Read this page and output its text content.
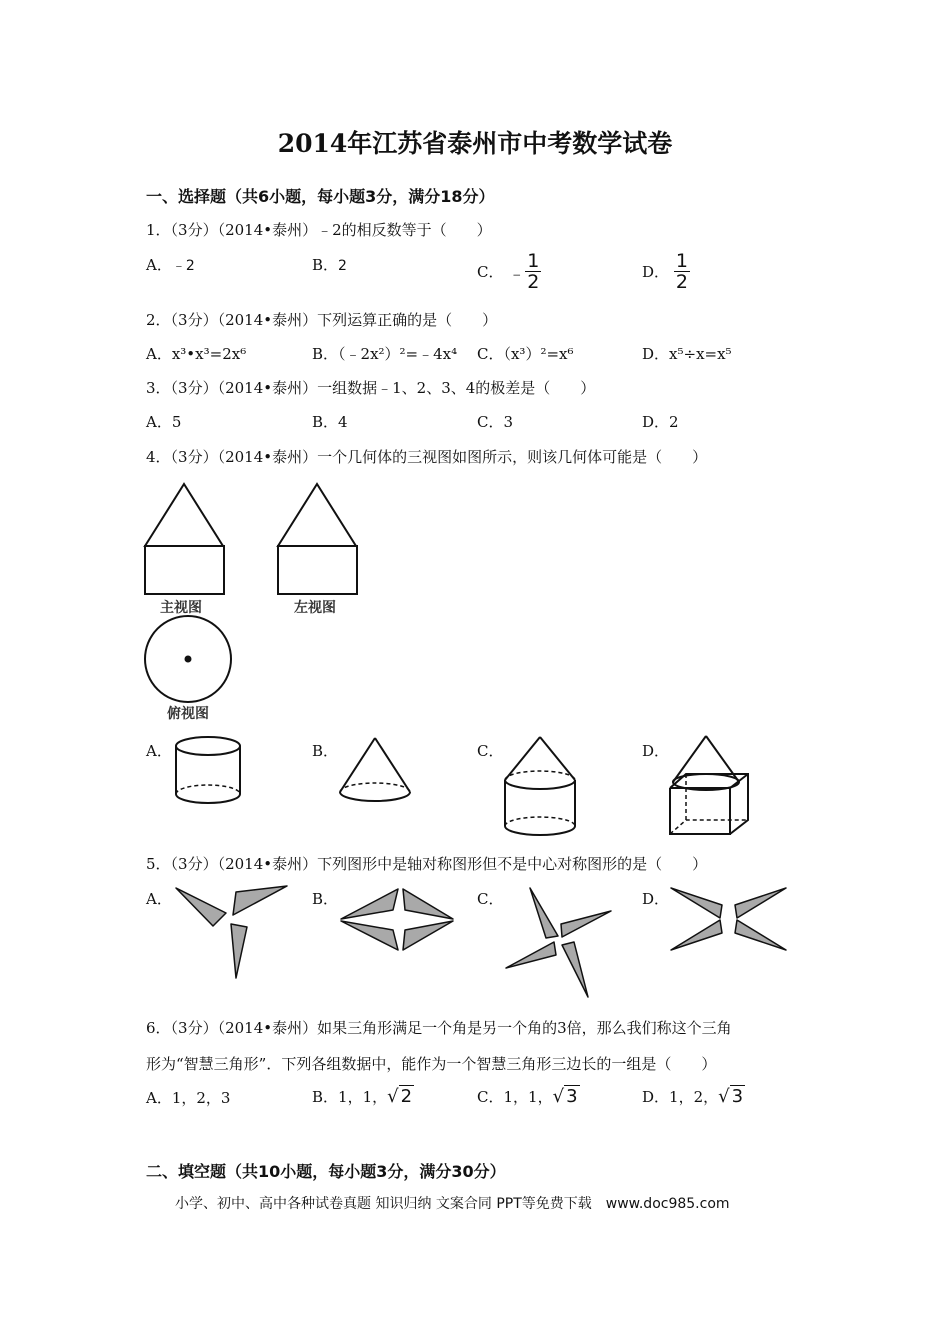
2014年江苏省泰州市中考数学试卷
一、选择题（共6小题，每小题3分，满分18分）
1．（3分）（2014•泰州）﹣2的相反数等于（　　）
A．﹣2	B．2	C． ﹣ $\frac{1}{2}$	D． $\frac{1}{2}$
2．（3分）（2014•泰州）下列运算正确的是（　　）
A．x³•x³=2x⁶	B．（﹣2x²）²=﹣4x⁴ C．（x³）²=x⁶	D．x⁵÷x=x⁵
3．（3分）（2014•泰州）一组数据﹣1、2、3、4的极差是（　　）
A．5	B．4	C．3	D．2
4．（3分）（2014•泰州）一个几何体的三视图如图所示，则该几何体可能是（　　）
主视图	左视图
俯视图
A．	B．	C．	D．
5．（3分）（2014•泰州）下列图形中是轴对称图形但不是中心对称图形的是（　　）
A．	B．	C．	D．
6．（3分）（2014•泰州）如果三角形满足一个角是另一个角的3倍，那么我们称这个三角
形为“智慧三角形”．下列各组数据中，能作为一个智慧三角形三边长的一组是（　　）
A．1，2，3	B．1，1，√ 2	C．1，1，√ 3	D．1，2，√ 3
二、填空题（共10小题，每小题3分，满分30分）
小学、初中、高中各种试卷真题 知识归纳 文案合同 PPT等免费下载　www.doc985.com
